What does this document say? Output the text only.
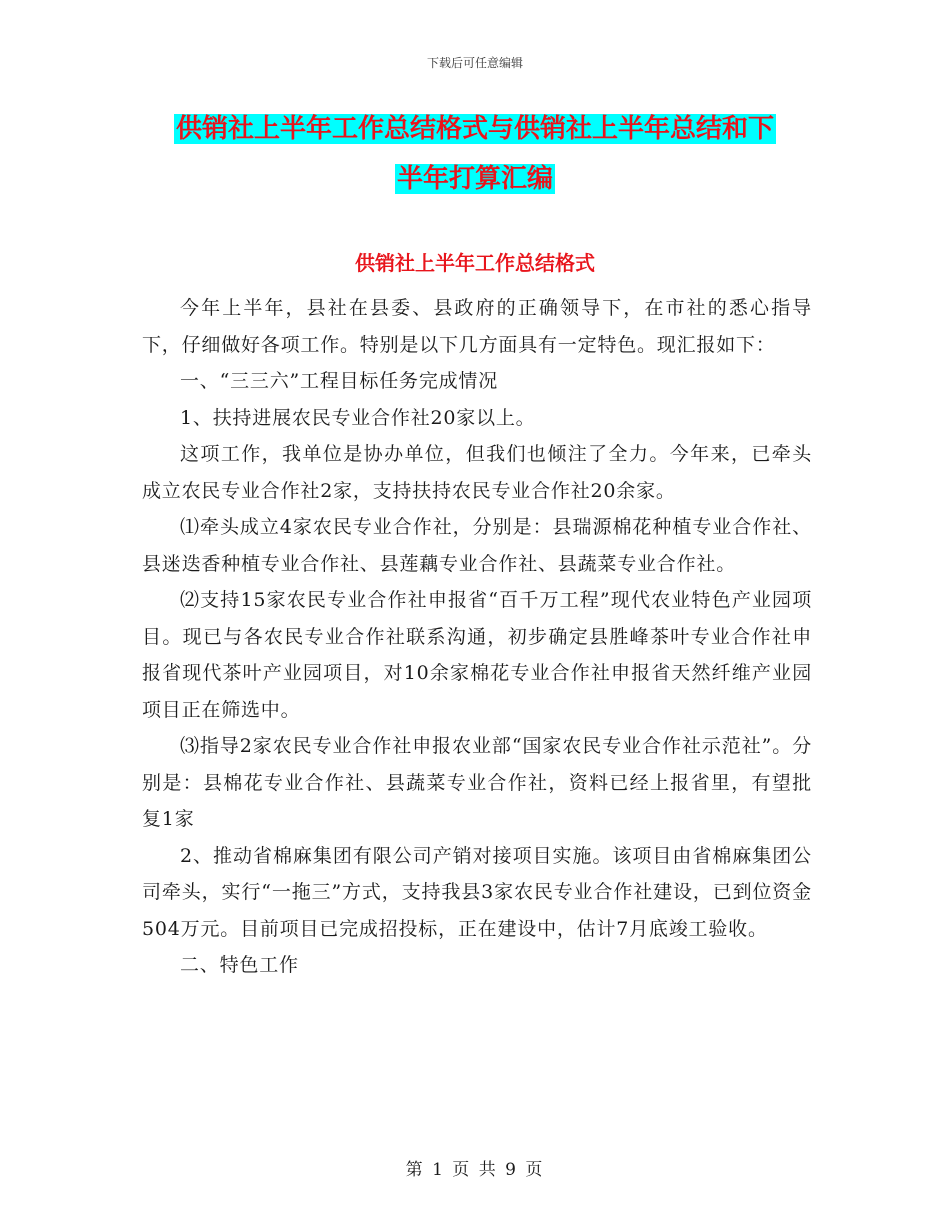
下载后可任意编辑
供销社上半年工作总结格式与供销社上半年总结和下
半年打算汇编
供销社上半年工作总结格式

今年上半年，县社在县委、县政府的正确领导下，在市社的悉心指导下，仔细做好各项工作。特别是以下几方面具有一定特色。现汇报如下：

一、“三三六”工程目标任务完成情况

1、扶持进展农民专业合作社20家以上。

这项工作，我单位是协办单位，但我们也倾注了全力。今年来，已牵头成立农民专业合作社2家，支持扶持农民专业合作社20余家。

⑴牵头成立4家农民专业合作社，分别是：县瑞源棉花种植专业合作社、县迷迭香种植专业合作社、县莲藕专业合作社、县蔬菜专业合作社。

⑵支持15家农民专业合作社申报省“百千万工程”现代农业特色产业园项目。现已与各农民专业合作社联系沟通，初步确定县胜峰茶叶专业合作社申报省现代茶叶产业园项目，对10余家棉花专业合作社申报省天然纤维产业园项目正在筛选中。

⑶指导2家农民专业合作社申报农业部“国家农民专业合作社示范社”。分别是：县棉花专业合作社、县蔬菜专业合作社，资料已经上报省里，有望批复1家

2、推动省棉麻集团有限公司产销对接项目实施。该项目由省棉麻集团公司牵头，实行“一拖三”方式，支持我县3家农民专业合作社建设，已到位资金504万元。目前项目已完成招投标，正在建设中，估计7月底竣工验收。

二、特色工作

第 1 页 共 9 页
